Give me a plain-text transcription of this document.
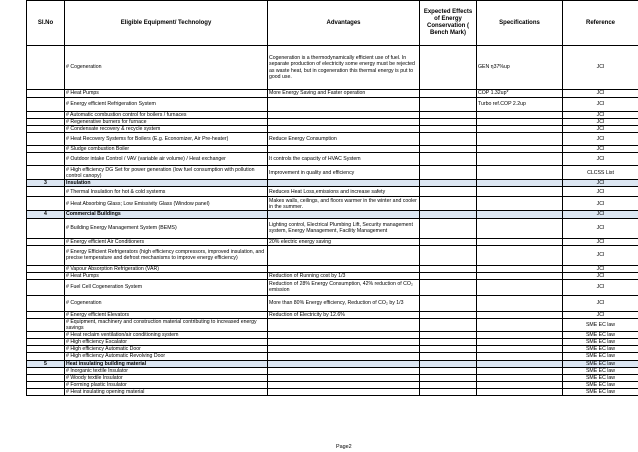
Sl.No	Eligible Equipment/ Technology	Advantages	Expected Effects of Energy Conservation ( Bench Mark)	Specifications	Reference
	# Cogeneration	Cogeneration is a thermodynamically efficient use of fuel. In separate production of electricity some energy must be rejected as waste heat, but in cogeneration this thermal energy is put to good use.		GEN η37%up	JCI
	# Heat Pumps	More Energy Saving and Faster operation		COP 1.32up*	JCI
	# Energy efficient Refrigeration System			Turbo ref.COP 2.2up	JCI
	# Automatic combustion control for boilers / furnaces				JCI
	# Regenerative burners for furnace				JCI
	# Condensate recovery & recycle system				JCI
	# Heat Recovery Systems for Boilers (E.g. Economizer, Air Pre-heater)	Reduce Energy Consumption			JCI
	# Sludge combustion Boiler				JCI
	# Outdoor intake Control / VAV (variable air volume) / Heat exchanger	It controls the capacity of HVAC System			JCI
	# High efficiency DG Set for power generation (low fuel consumption with pollution control canopy)	Improvement in quality and efficiency			CLCSS List
3	Insulation				JCI
	# Thermal Insulation for hot & cold systems	Reduces Heat Loss,emissions and increase safety			JCI
	# Heat Absorbing Glass; Low Emissivity Glass (Window panel)	Makes walls, ceilings, and floors warmer in the winter and cooler in the summer.			JCI
4	Commercial Buildings				JCI
	# Building Energy Management System (BEMS)	Lighting control, Electrical Plumbing Lift, Security management system, Energy Management, Facility Management			JCI
	# Energy efficient Air Conditioners	20% electric energy saving			JCI
	# Energy Efficient Refrigerators (high efficiency compressors, improved insulation, and precise temperature and defrost mechanisms to improve energy efficiency)				JCI
	# Vapour Absorption Refrigeration (VAR)				JCI
	# Heat Pumps	Reduction of Running cost by 1/3			JCI
	# Fuel Cell Cogeneration System	Reduction of 28% Energy Consumption, 42% reduction of CO₂ emission			JCI
	# Cogeneration	More than 80% Energy efficiency, Reduction of CO₂ by 1/3			JCI
	# Energy efficient Elevators	Reduction of Electricity by 12.6%			JCI
	# Equipment, machinery and construction material contributing to increased energy savings				SME EC law
	# Heat reclaim ventilation/air conditioning system				SME EC law
	# High efficiency Escalator				SME EC law
	# High efficiency Automatic Door				SME EC law
	# High efficiency Automatic Revolving Door				SME EC law
5	Heat insulating building material				SME EC law
	# Inorganic textile Insulator				SME EC law
	# Woody textile Insulator				SME EC law
	# Forming plastic Insulator				SME EC law
	# Heat insulating opening material				SME EC law
Page2
